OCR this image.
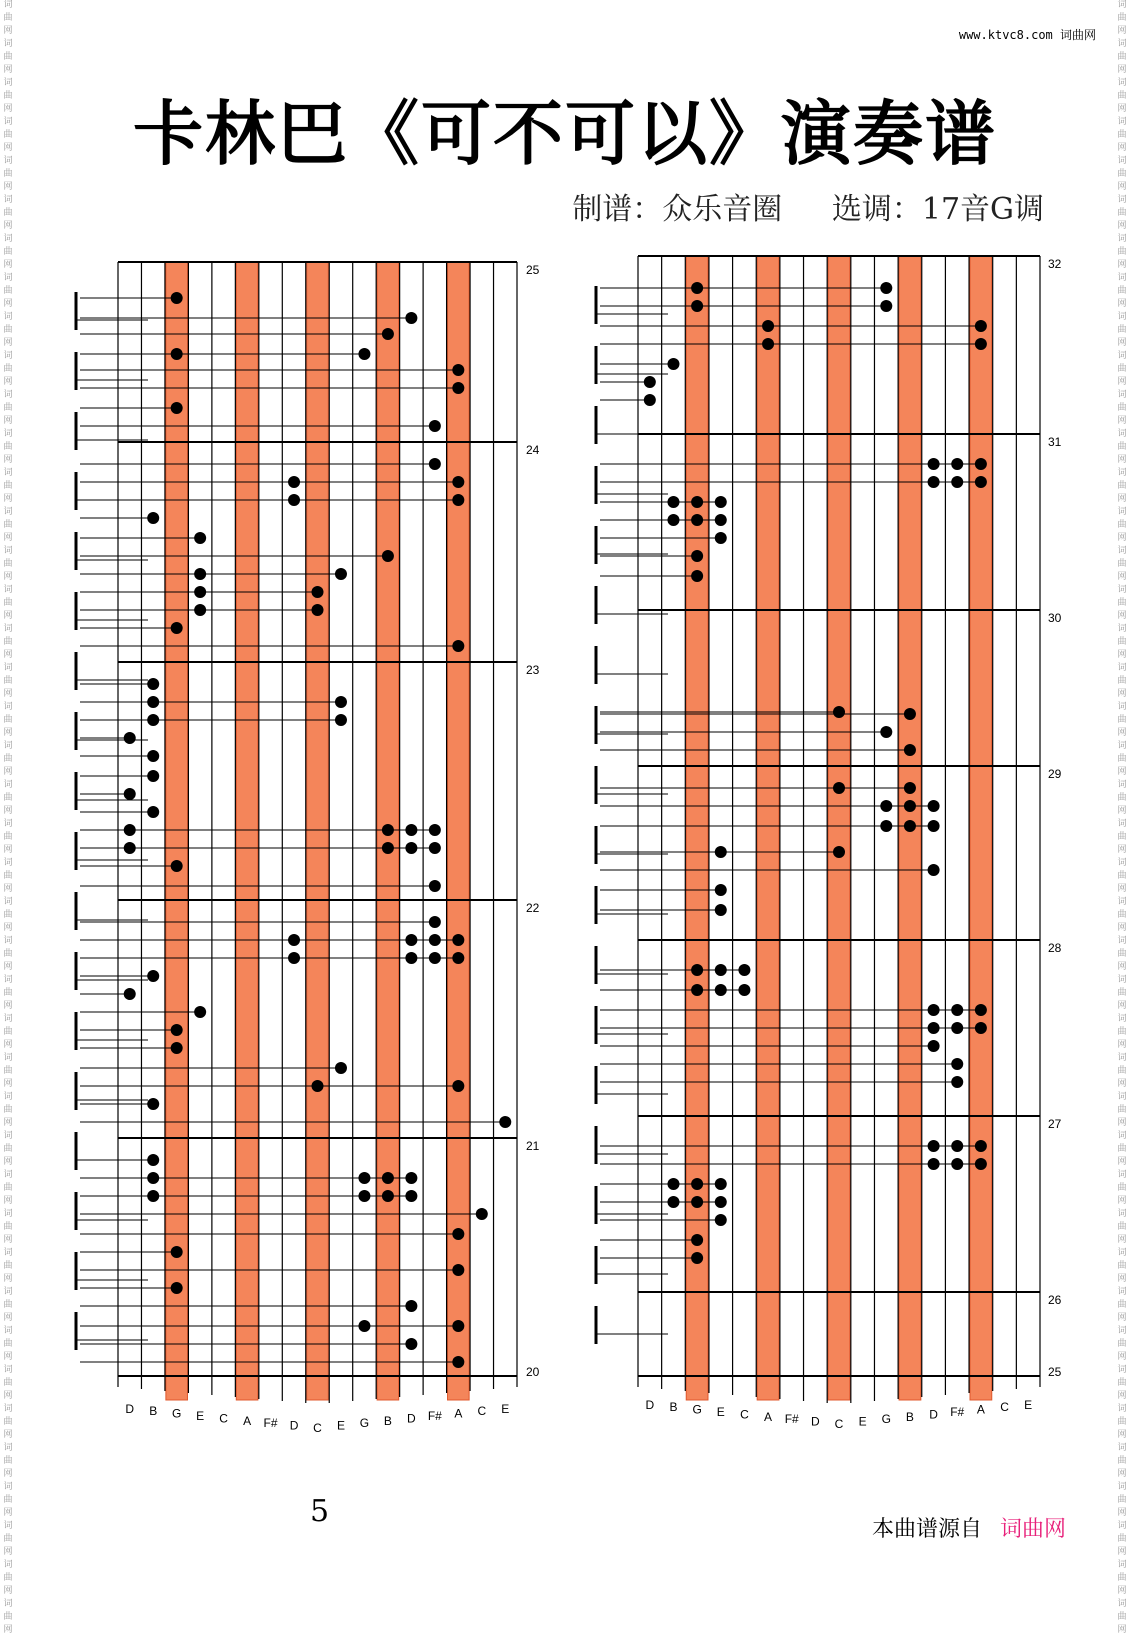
词
曲
网
词
曲
网
词
曲
网
词
曲
网
词
曲
网
词
曲
网
词
曲
网
词
曲
网
词
曲
网
词
曲
网
词
曲
网
词
曲
网
词
曲
网
词
曲
网
词
曲
网
词
曲
网
词
曲
网
词
曲
网
词
曲
网
词
曲
网
词
曲
网
词
曲
网
词
曲
网
词
曲
网
词
曲
网
词
曲
网
词
曲
网
词
曲
网
词
曲
网
词
曲
网
词
曲
网
词
曲
网
词
曲
网
词
曲
网
词
曲
网
词
曲
网
词
曲
网
词
曲
网
词
曲
网
词
曲
网
词
曲
网
词
曲
网
词
曲
网
词
曲
网
词
曲
网
词
曲
网
词
曲
网
词
曲
网
词
曲
网
词
曲
网
词
曲
网
词
曲
网
词
曲
网
词
曲
网
词
曲
网
词
曲
网
词
曲
网
词
曲
网
词
曲
网
词
曲
网
词
曲
网
词
曲
网
词
曲
网
词
曲
网
词
曲
网
词
曲
网
词
曲
网
词
曲
网
词
曲
网
词
曲
网
词
曲
网
词
曲
网
词
曲
网
词
曲
网
词
曲
网
词
曲
网
词
曲
网
词
曲
网
词
曲
网
词
曲
网
词
曲
网
词
曲
网
词
曲
网
词
曲
网
www.ktvc8.com 词曲网
卡林巴《可不可以》演奏谱
制谱：众乐音圈 选调：17音G调
D B G E C A F# D C E G B D F# A C E
25
24
23
22
21
20
D B G E C A F# D C E G B D F# A C E
32
31
30
29
28
27
26
25
5
本曲谱源自 词曲网
